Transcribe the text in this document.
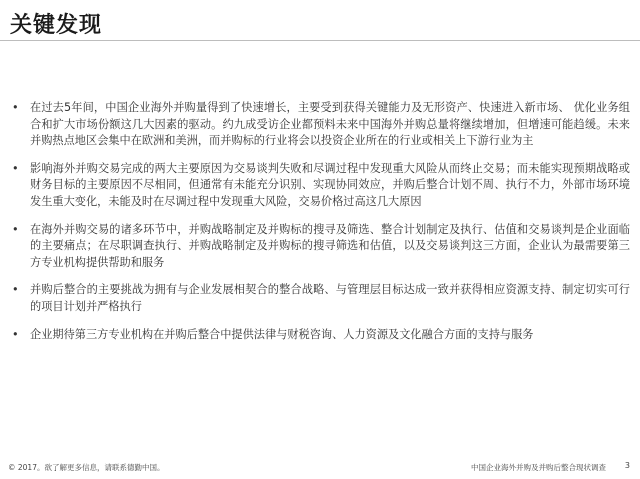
关键发现
•	在过去5年间，中国企业海外并购量得到了快速增长，主要受到获得关键能力及无形资产、快速进入新市场、 优化业务组合和扩大市场份额这几大因素的驱动。约九成受访企业都预料未来中国海外并购总量将继续增加，但增速可能趋缓。未来并购热点地区会集中在欧洲和美洲，而并购标的行业将会以投资企业所在的行业或相关上下游行业为主
•	影响海外并购交易完成的两大主要原因为交易谈判失败和尽调过程中发现重大风险从而终止交易；而未能实现预期战略或财务目标的主要原因不尽相同，但通常有未能充分识别、实现协同效应，并购后整合计划不周、执行不力，外部市场环境发生重大变化，未能及时在尽调过程中发现重大风险，交易价格过高这几大原因
•	在海外并购交易的诸多环节中，并购战略制定及并购标的搜寻及筛选、整合计划制定及执行、估值和交易谈判是企业面临的主要痛点；在尽职调查执行、并购战略制定及并购标的搜寻筛选和估值，以及交易谈判这三方面，企业认为最需要第三方专业机构提供帮助和服务
•	并购后整合的主要挑战为拥有与企业发展相契合的整合战略、与管理层目标达成一致并获得相应资源支持、制定切实可行的项目计划并严格执行
•	企业期待第三方专业机构在并购后整合中提供法律与财税咨询、人力资源及文化融合方面的支持与服务
© 2017。欲了解更多信息，请联系德勤中国。	中国企业海外并购及并购后整合现状调查 3
